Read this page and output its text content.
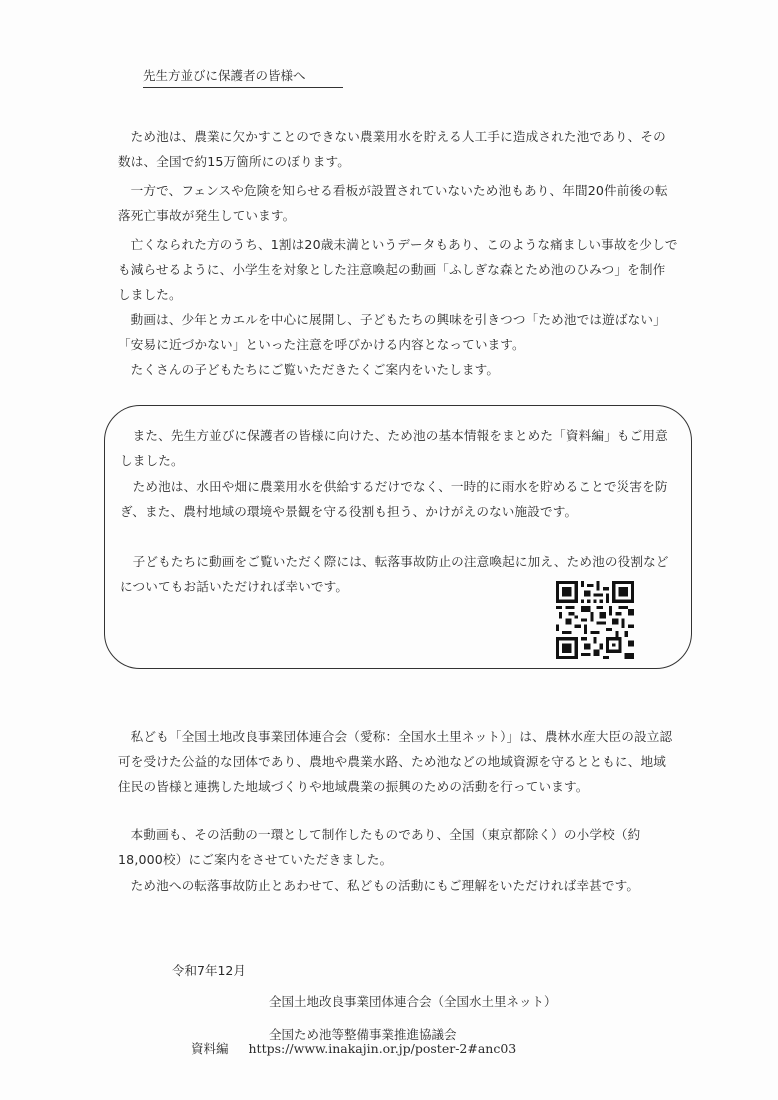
先生方並びに保護者の皆様へ

ため池は、農業に欠かすことのできない農業用水を貯える人工手に造成された池であり、その数は、全国で約15万箇所にのぼります。

一方で、フェンスや危険を知らせる看板が設置されていないため池もあり、年間20件前後の転落死亡事故が発生しています。

亡くなられた方のうち、1割は20歳未満というデータもあり、このような痛ましい事故を少しでも減らせるように、小学生を対象とした注意喚起の動画「ふしぎな森とため池のひみつ」を制作しました。

動画は、少年とカエルを中心に展開し、子どもたちの興味を引きつつ「ため池では遊ばない」「安易に近づかない」といった注意を呼びかける内容となっています。

たくさんの子どもたちにご覧いただきたくご案内をいたします。

また、先生方並びに保護者の皆様に向けた、ため池の基本情報をまとめた「資料編」もご用意しました。

ため池は、水田や畑に農業用水を供給するだけでなく、一時的に雨水を貯めることで災害を防ぎ、また、農村地域の環境や景観を守る役割も担う、かけがえのない施設です。

子どもたちに動画をご覧いただく際には、転落事故防止の注意喚起に加え、ため池の役割などについてもお話いただければ幸いです。

資料編 https://www.inakajin.or.jp/poster-2#anc03

私ども「全国土地改良事業団体連合会（愛称：全国水土里ネット）」は、農林水産大臣の設立認可を受けた公益的な団体であり、農地や農業水路、ため池などの地域資源を守るとともに、地域住民の皆様と連携した地域づくりや地域農業の振興のための活動を行っています。

本動画も、その活動の一環として制作したものであり、全国（東京都除く）の小学校（約18,000校）にご案内をさせていただきました。

ため池への転落事故防止とあわせて、私どもの活動にもご理解をいただければ幸甚です。

令和7年12月
全国土地改良事業団体連合会（全国水土里ネット）
全国ため池等整備事業推進協議会
